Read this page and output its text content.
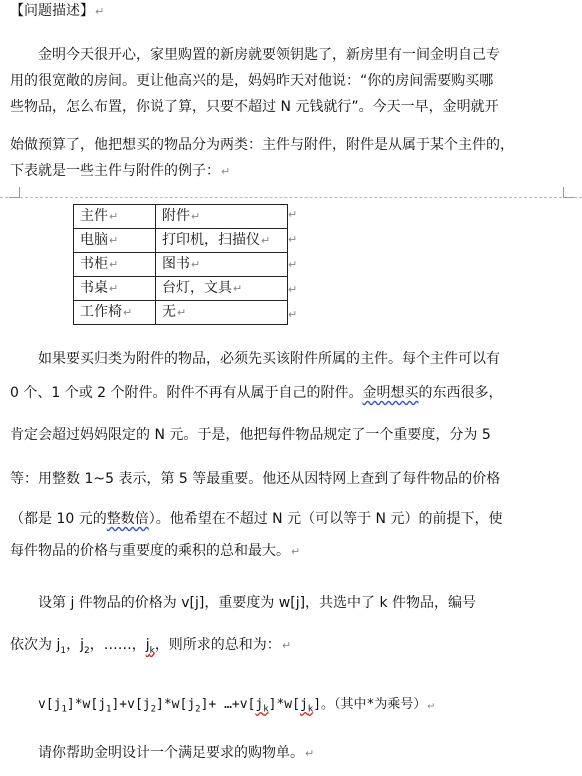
【问题描述】↵
金明今天很开心，家里购置的新房就要领钥匙了，新房里有一间金明自己专
用的很宽敞的房间。更让他高兴的是，妈妈昨天对他说：“你的房间需要购买哪
些物品，怎么布置，你说了算，只要不超过 N 元钱就行”。今天一早，金明就开
始做预算了，他把想买的物品分为两类：主件与附件，附件是从属于某个主件的，
下表就是一些主件与附件的例子：↵
主件↵	附件↵
电脑↵	打印机，扫描仪↵
书柜↵	图书↵
书桌↵	台灯，文具↵
工作椅↵	无↵
↵
↵
↵
↵
↵
如果要买归类为附件的物品，必须先买该附件所属的主件。每个主件可以有
0 个、1 个或 2 个附件。附件不再有从属于自己的附件。金明想买的东西很多，
肯定会超过妈妈限定的 N 元。于是，他把每件物品规定了一个重要度，分为 5
等：用整数 1~5 表示，第 5 等最重要。他还从因特网上查到了每件物品的价格
（都是 10 元的整数倍）。他希望在不超过 N 元（可以等于 N 元）的前提下，使
每件物品的价格与重要度的乘积的总和最大。↵
设第 j 件物品的价格为 v[j]，重要度为 w[j]，共选中了 k 件物品，编号
依次为 $j_1$，$j_2$，……，$j_k$，则所求的总和为：↵
$v[j_1]*w[j_1]+v[j_2]*w[j_2]+$ $\dots+v[j_k]*w[j_k]$。（其中*为乘号）↵
请你帮助金明设计一个满足要求的购物单。↵
